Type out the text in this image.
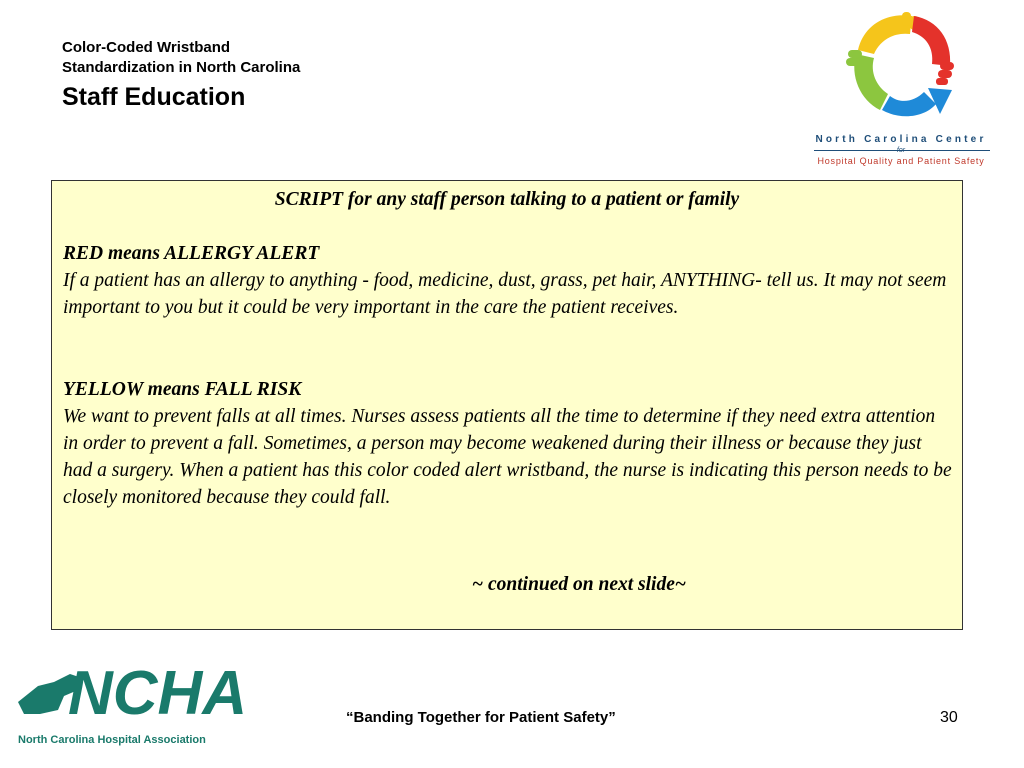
Color-Coded Wristband
Standardization in North Carolina
Staff Education
North Carolina Center
for
Hospital Quality and Patient Safety
SCRIPT for any staff person talking to a patient or family
RED means ALLERGY ALERT
If a patient has an allergy to anything - food, medicine, dust, grass, pet hair, ANYTHING- tell us. It may not seem important to you but it could be very important in the care the patient receives.
YELLOW means FALL RISK
We want to prevent falls at all times. Nurses assess patients all the time to determine if they need extra attention in order to prevent a fall. Sometimes, a person may become weakened during their illness or because they just had a surgery. When a patient has this color coded alert wristband, the nurse is indicating this person needs to be closely monitored because they could fall.
~ continued on next slide~
NCHA
North Carolina Hospital Association
“Banding Together for Patient Safety”	30
